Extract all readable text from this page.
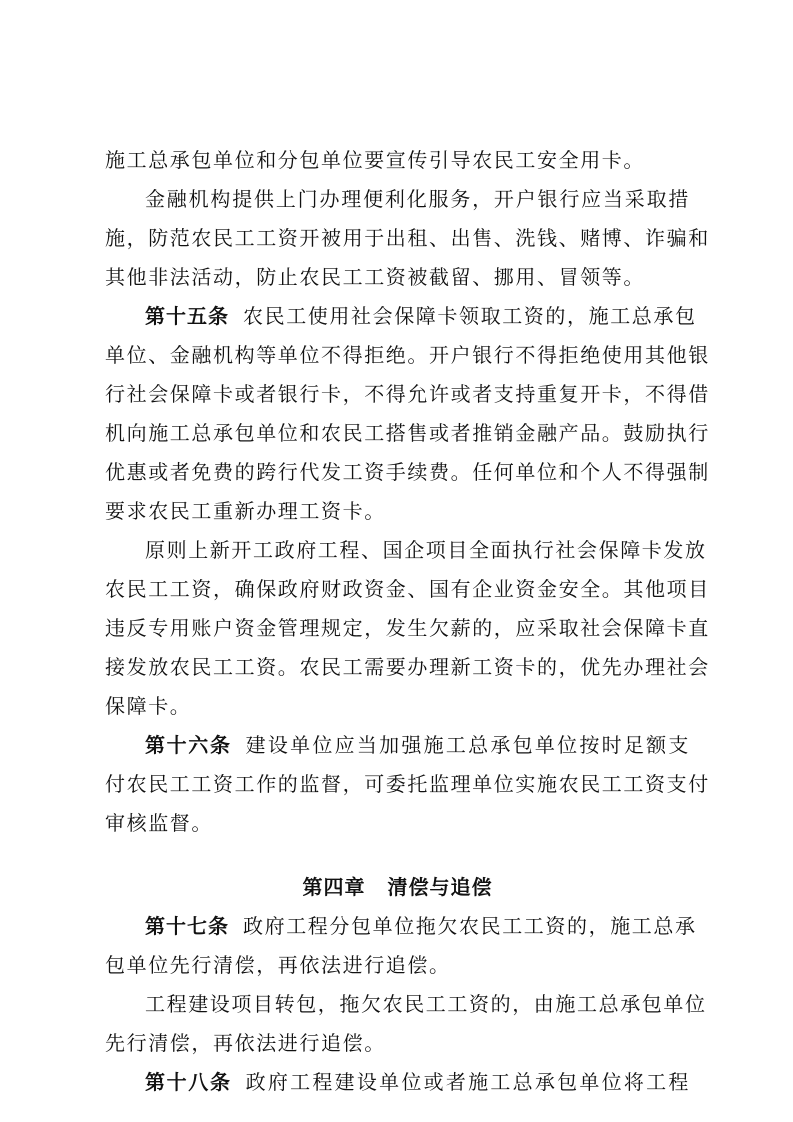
施工总承包单位和分包单位要宣传引导农民工安全用卡。
金融机构提供上门办理便利化服务，开户银行应当采取措
施，防范农民工工资开被用于出租、出售、洗钱、赌博、诈骗和
其他非法活动，防止农民工工资被截留、挪用、冒领等。
第十五条 农民工使用社会保障卡领取工资的，施工总承包
单位、金融机构等单位不得拒绝。开户银行不得拒绝使用其他银
行社会保障卡或者银行卡，不得允许或者支持重复开卡，不得借
机向施工总承包单位和农民工搭售或者推销金融产品。鼓励执行
优惠或者免费的跨行代发工资手续费。任何单位和个人不得强制
要求农民工重新办理工资卡。
原则上新开工政府工程、国企项目全面执行社会保障卡发放
农民工工资，确保政府财政资金、国有企业资金安全。其他项目
违反专用账户资金管理规定，发生欠薪的，应采取社会保障卡直
接发放农民工工资。农民工需要办理新工资卡的，优先办理社会
保障卡。
第十六条 建设单位应当加强施工总承包单位按时足额支
付农民工工资工作的监督，可委托监理单位实施农民工工资支付
审核监督。
第四章 清偿与追偿
第十七条 政府工程分包单位拖欠农民工工资的，施工总承
包单位先行清偿，再依法进行追偿。
工程建设项目转包，拖欠农民工工资的，由施工总承包单位
先行清偿，再依法进行追偿。
第十八条 政府工程建设单位或者施工总承包单位将工程
